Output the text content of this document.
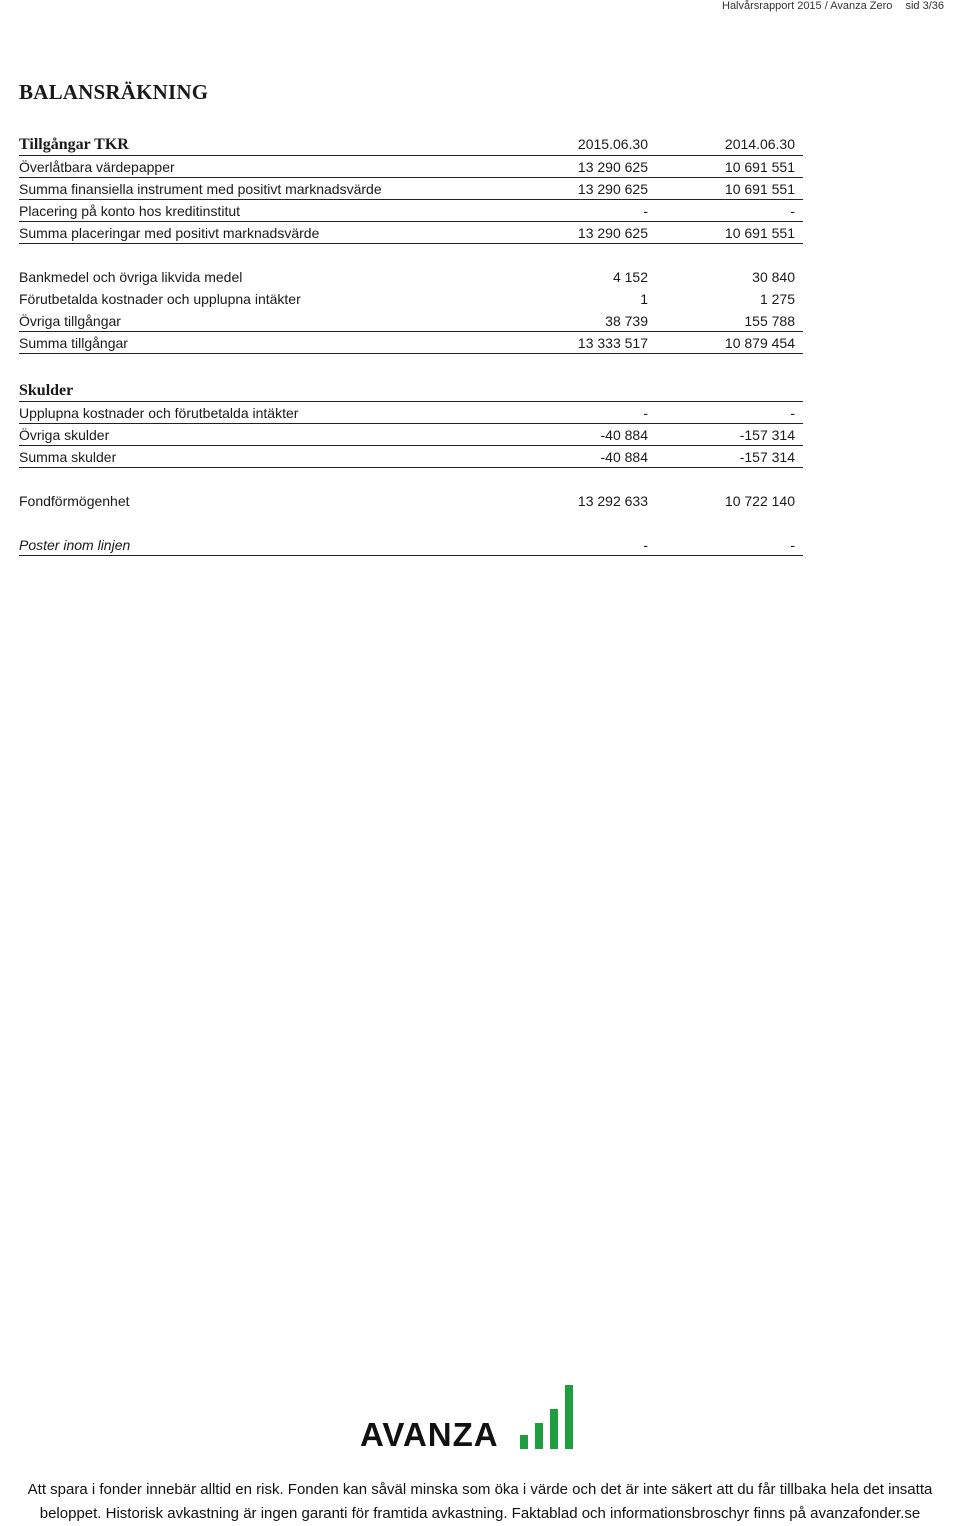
Halvårsrapport 2015 / Avanza Zero sid 3/36
BALANSRÄKNING
Tillgångar TKR	2015.06.30	2014.06.30
Överlåtbara värdepapper	13 290 625	10 691 551
Summa finansiella instrument med positivt marknadsvärde	13 290 625	10 691 551
Placering på konto hos kreditinstitut	-	-
Summa placeringar med positivt marknadsvärde	13 290 625	10 691 551
Bankmedel och övriga likvida medel	4 152	30 840
Förutbetalda kostnader och upplupna intäkter	1	1 275
Övriga tillgångar	38 739	155 788
Summa tillgångar	13 333 517	10 879 454
Skulder
Upplupna kostnader och förutbetalda intäkter	-	-
Övriga skulder	-40 884	-157 314
Summa skulder	-40 884	-157 314
Fondförmögenhet	13 292 633	10 722 140
Poster inom linjen	-	-
AVANZA
Att spara i fonder innebär alltid en risk. Fonden kan såväl minska som öka i värde och det är inte säkert att du får tillbaka hela det insatta
beloppet. Historisk avkastning är ingen garanti för framtida avkastning. Faktablad och informationsbroschyr finns på avanzafonder.se
